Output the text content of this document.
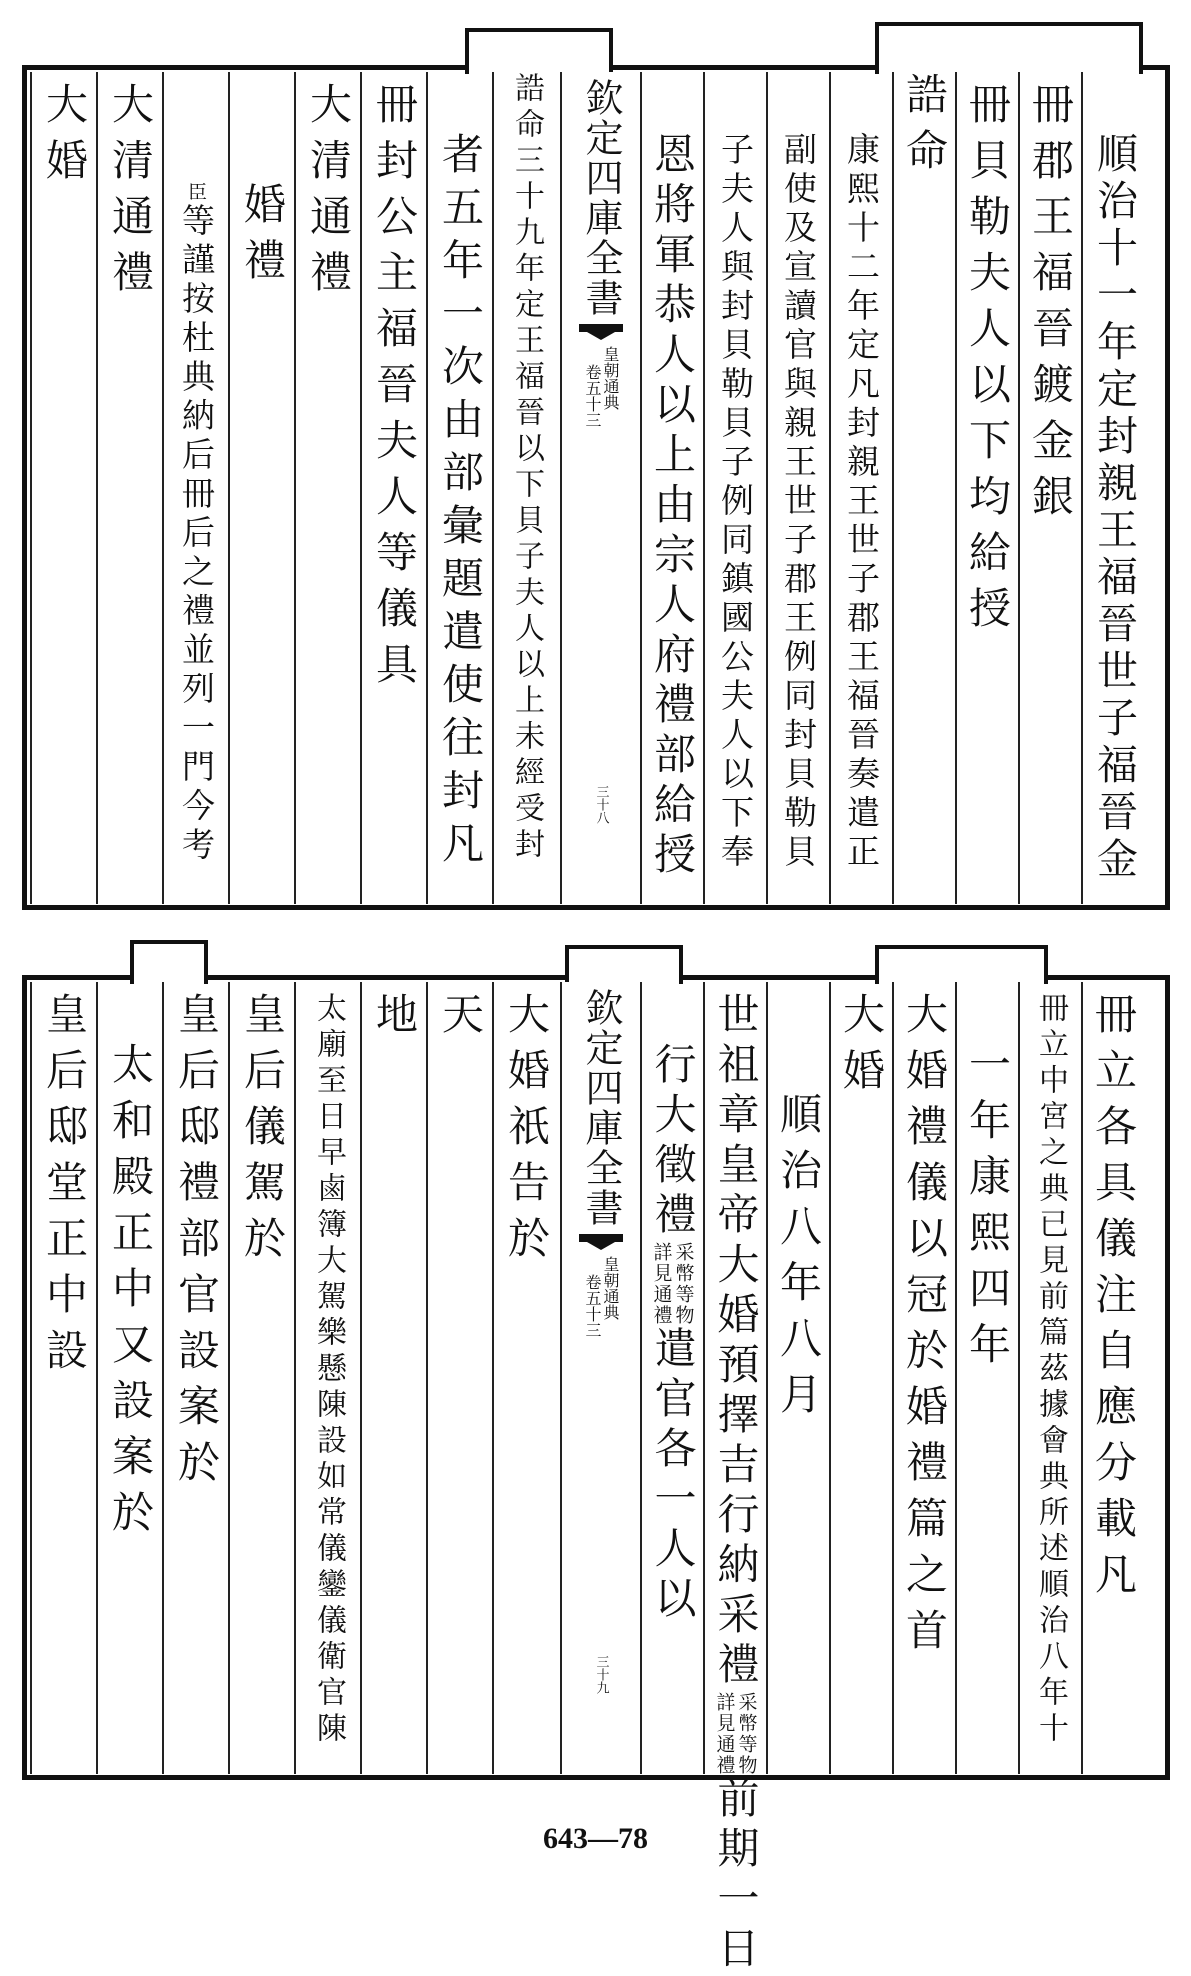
順治十一年定封親王福晉世子福晉金
冊郡王福晉鍍金銀
冊貝勒夫人以下均給授
誥命
康熙十二年定凡封親王世子郡王福晉奏遣正
副使及宣讀官與親王世子郡王例同封貝勒貝
子夫人與封貝勒貝子例同鎮國公夫人以下奉
恩將軍恭人以上由宗人府禮部給授
欽定四庫全書
皇朝通典
卷五十三
三十八
誥命三十九年定王福晉以下貝子夫人以上未經受封
者五年一次由部彙題遣使往封凡
冊封公主福晉夫人等儀具
大清通禮
婚禮
臣
等謹按杜典納后冊后之禮並列一門今考
大清通禮
大婚
冊立各具儀注自應分載凡
冊立中宮之典已見前篇茲據會典所述順治八年十
一年康熙四年
大婚禮儀以冠於婚禮篇之首
大婚
順治八年八月
世祖章皇帝大婚預擇吉行納采禮
采幣等物
詳見通禮
前期一日
行大徵禮
采幣等物
詳見通禮
遣官各一人以
欽定四庫全書
皇朝通典
卷五十三
三十九
大婚祇告於
天
地
太廟至日早鹵簿大駕樂懸陳設如常儀鑾儀衛官陳
皇后儀駕於
皇后邸禮部官設案於
太和殿正中又設案於
皇后邸堂正中設
643—78
